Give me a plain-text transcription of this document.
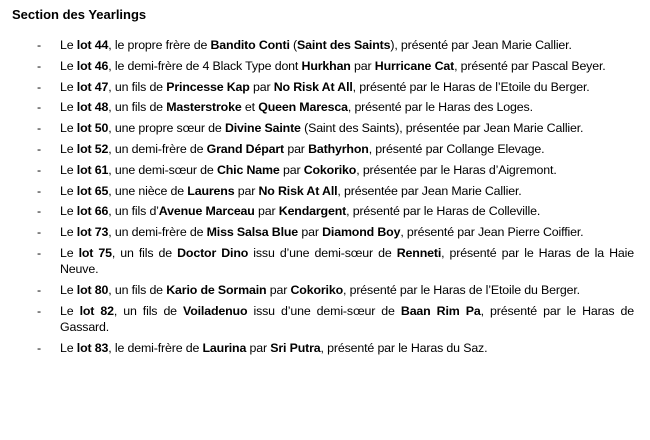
Section des Yearlings
- Le lot 44, le propre frère de Bandito Conti (Saint des Saints), présenté par Jean Marie Callier.
- Le lot 46, le demi-frère de 4 Black Type dont Hurkhan par Hurricane Cat, présenté par Pascal Beyer.
- Le lot 47, un fils de Princesse Kap par No Risk At All, présenté par le Haras de l’Etoile du Berger.
- Le lot 48, un fils de Masterstroke et Queen Maresca, présenté par le Haras des Loges.
- Le lot 50, une propre sœur de Divine Sainte (Saint des Saints), présentée par Jean Marie Callier.
- Le lot 52, un demi-frère de Grand Départ par Bathyrhon, présenté par Collange Elevage.
- Le lot 61, une demi-sœur de Chic Name par Cokoriko, présentée par le Haras d’Aigremont.
- Le lot 65, une nièce de Laurens par No Risk At All, présentée par Jean Marie Callier.
- Le lot 66, un fils d’Avenue Marceau par Kendargent, présenté par le Haras de Colleville.
- Le lot 73, un demi-frère de Miss Salsa Blue par Diamond Boy, présenté par Jean Pierre Coiffier.
- Le lot 75, un fils de Doctor Dino issu d’une demi-sœur de Renneti, présenté par le Haras de la Haie Neuve.
- Le lot 80, un fils de Kario de Sormain par Cokoriko, présenté par le Haras de l’Etoile du Berger.
- Le lot 82, un fils de Voiladenuo issu d’une demi-sœur de Baan Rim Pa, présenté par le Haras de Gassard.
- Le lot 83, le demi-frère de Laurina par Sri Putra, présenté par le Haras du Saz.
